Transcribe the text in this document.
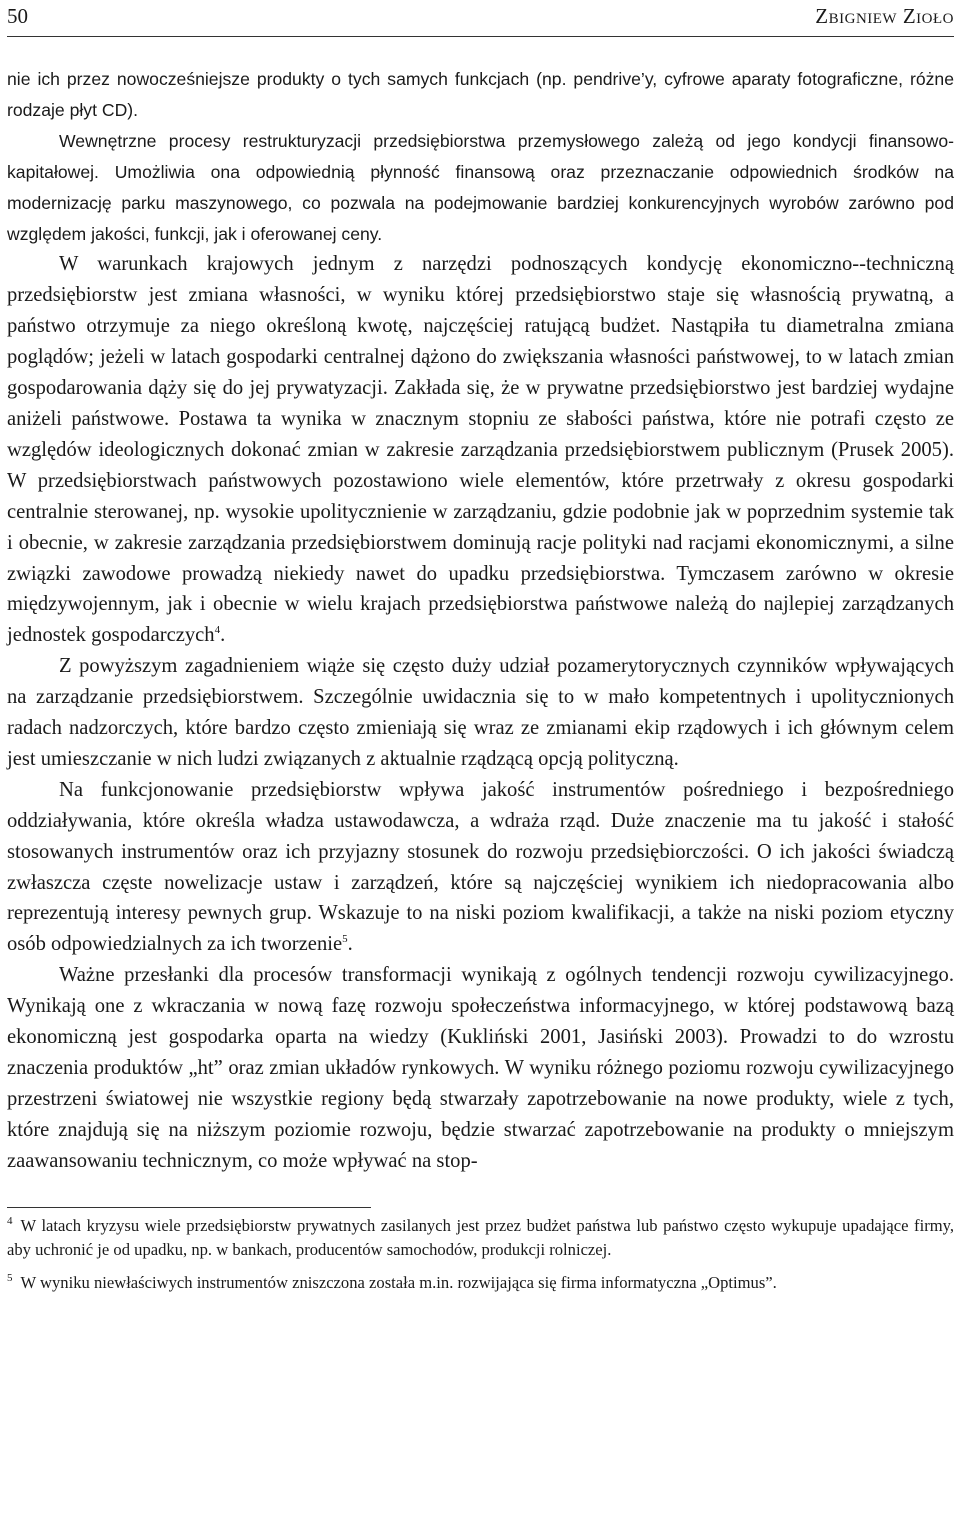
50	Zbigniew Zioło

nie ich przez nowocześniejsze produkty o tych samych funkcjach (np. pendrive’y, cyfrowe aparaty fotograficzne, różne rodzaje płyt CD).

Wewnętrzne procesy restrukturyzacji przedsiębiorstwa przemysłowego zależą od jego kondycji finansowo-kapitałowej. Umożliwia ona odpowiednią płynność finansową oraz przeznaczanie odpowiednich środków na modernizację parku maszynowego, co pozwala na podejmowanie bardziej konkurencyjnych wyrobów zarówno pod względem jakości, funkcji, jak i oferowanej ceny.

W warunkach krajowych jednym z narzędzi podnoszących kondycję ekonomiczno--techniczną przedsiębiorstw jest zmiana własności, w wyniku której przedsiębiorstwo staje się własnością prywatną, a państwo otrzymuje za niego określoną kwotę, najczęściej ratującą budżet. Nastąpiła tu diametralna zmiana poglądów; jeżeli w latach gospodarki centralnej dążono do zwiększania własności państwowej, to w latach zmian gospodarowania dąży się do jej prywatyzacji. Zakłada się, że w prywatne przedsiębiorstwo jest bardziej wydajne aniżeli państwowe. Postawa ta wynika w znacznym stopniu ze słabości państwa, które nie potrafi często ze względów ideologicznych dokonać zmian w zakresie zarządzania przedsiębiorstwem publicznym (Prusek 2005). W przedsiębiorstwach państwowych pozostawiono wiele elementów, które przetrwały z okresu gospodarki centralnie sterowanej, np. wysokie upolitycznienie w zarządzaniu, gdzie podobnie jak w poprzednim systemie tak i obecnie, w zakresie zarządzania przedsiębiorstwem dominują racje polityki nad racjami ekonomicznymi, a silne związki zawodowe prowadzą niekiedy nawet do upadku przedsiębiorstwa. Tymczasem zarówno w okresie międzywojennym, jak i obecnie w wielu krajach przedsiębiorstwa państwowe należą do najlepiej zarządzanych jednostek gospodarczych$^4$.

Z powyższym zagadnieniem wiąże się często duży udział pozamerytorycznych czynników wpływających na zarządzanie przedsiębiorstwem. Szczególnie uwidacznia się to w mało kompetentnych i upolitycznionych radach nadzorczych, które bardzo często zmieniają się wraz ze zmianami ekip rządowych i ich głównym celem jest umieszczanie w nich ludzi związanych z aktualnie rządzącą opcją polityczną.

Na funkcjonowanie przedsiębiorstw wpływa jakość instrumentów pośredniego i bezpośredniego oddziaływania, które określa władza ustawodawcza, a wdraża rząd. Duże znaczenie ma tu jakość i stałość stosowanych instrumentów oraz ich przyjazny stosunek do rozwoju przedsiębiorczości. O ich jakości świadczą zwłaszcza częste nowelizacje ustaw i zarządzeń, które są najczęściej wynikiem ich niedopracowania albo reprezentują interesy pewnych grup. Wskazuje to na niski poziom kwalifikacji, a także na niski poziom etyczny osób odpowiedzialnych za ich tworzenie$^5$.

Ważne przesłanki dla procesów transformacji wynikają z ogólnych tendencji rozwoju cywilizacyjnego. Wynikają one z wkraczania w nową fazę rozwoju społeczeństwa informacyjnego, w której podstawową bazą ekonomiczną jest gospodarka oparta na wiedzy (Kukliński 2001, Jasiński 2003). Prowadzi to do wzrostu znaczenia produktów „ht” oraz zmian układów rynkowych. W wyniku różnego poziomu rozwoju cywilizacyjnego przestrzeni światowej nie wszystkie regiony będą stwarzały zapotrzebowanie na nowe produkty, wiele z tych, które znajdują się na niższym poziomie rozwoju, będzie stwarzać zapotrzebowanie na produkty o mniejszym zaawansowaniu technicznym, co może wpływać na stop-

$^4$ W latach kryzysu wiele przedsiębiorstw prywatnych zasilanych jest przez budżet państwa lub państwo często wykupuje upadające firmy, aby uchronić je od upadku, np. w bankach, producentów samochodów, produkcji rolniczej.

$^5$ W wyniku niewłaściwych instrumentów zniszczona została m.in. rozwijająca się firma informatyczna „Optimus”.
